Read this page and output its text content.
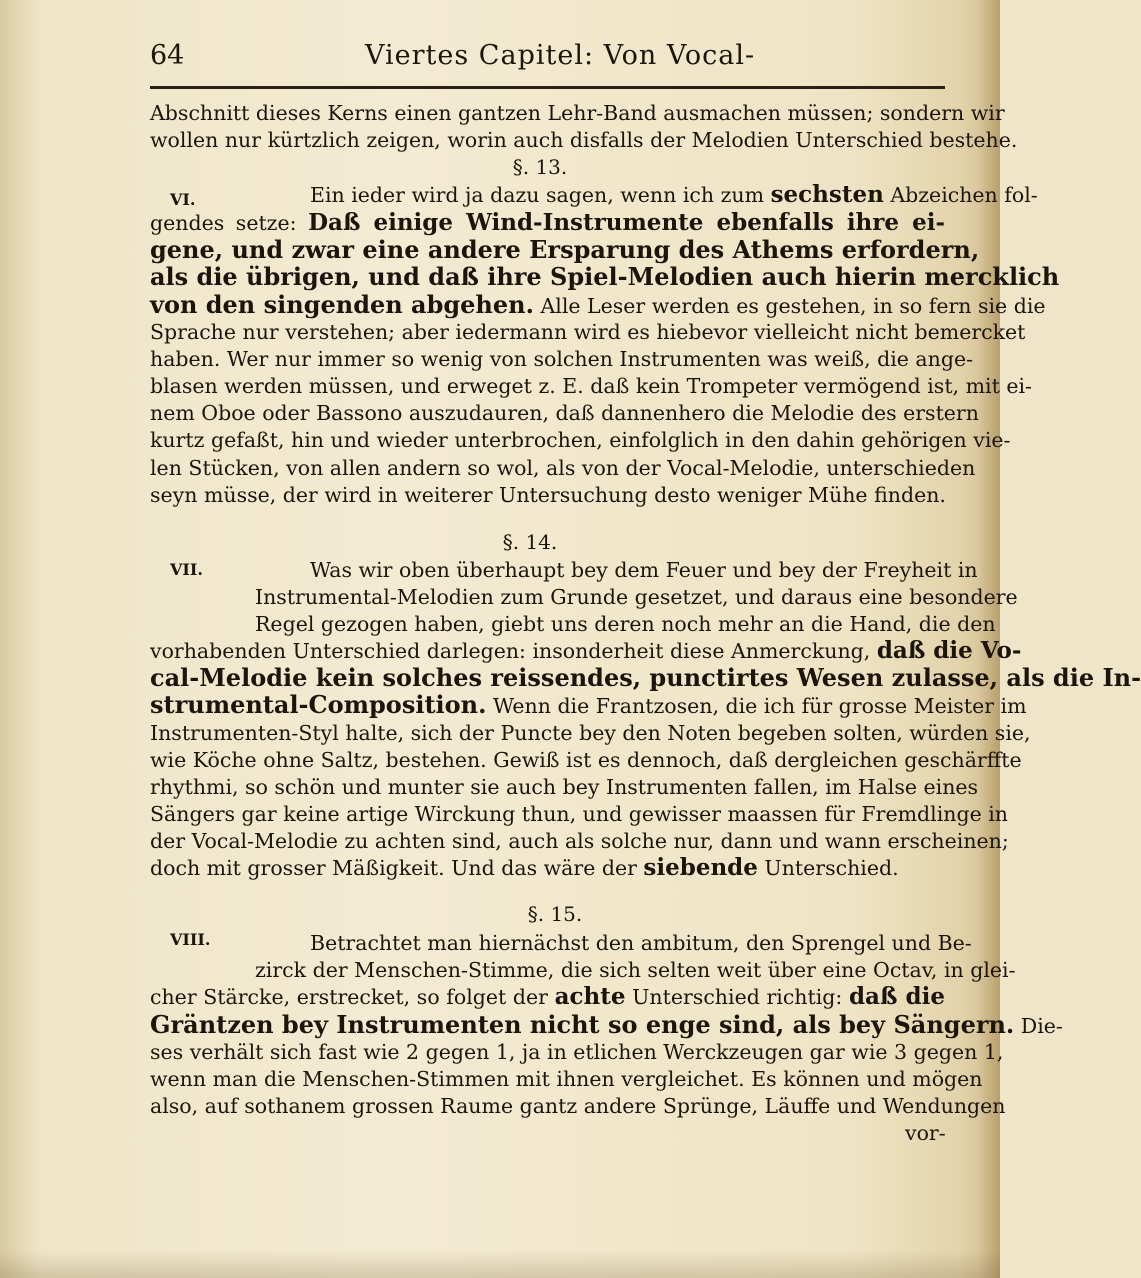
64	Viertes Capitel: Von Vocal-
§. 13.
§. 14.
§. 15.
VI.
VII.
VIII.
Abschnitt dieses Kerns einen gantzen Lehr-Band ausmachen müssen; sondern wir
wollen nur kürtzlich zeigen, worin auch disfalls der Melodien Unterschied bestehe.
Ein ieder wird ja dazu sagen, wenn ich zum sechsten Abzeichen fol-
gendes setze: Daß einige Wind-Instrumente ebenfalls ihre ei-
gene, und zwar eine andere Ersparung des Athems erfordern,
als die übrigen, und daß ihre Spiel-Melodien auch hierin mercklich
von den singenden abgehen. Alle Leser werden es gestehen, in so fern sie die
Sprache nur verstehen; aber iedermann wird es hiebevor vielleicht nicht bemercket
haben. Wer nur immer so wenig von solchen Instrumenten was weiß, die ange-
blasen werden müssen, und erweget z. E. daß kein Trompeter vermögend ist, mit ei-
nem Oboe oder Bassono auszudauren, daß dannenhero die Melodie des erstern
kurtz gefaßt, hin und wieder unterbrochen, einfolglich in den dahin gehörigen vie-
len Stücken, von allen andern so wol, als von der Vocal-Melodie, unterschieden
seyn müsse, der wird in weiterer Untersuchung desto weniger Mühe finden.
Was wir oben überhaupt bey dem Feuer und bey der Freyheit in
Instrumental-Melodien zum Grunde gesetzet, und daraus eine besondere
Regel gezogen haben, giebt uns deren noch mehr an die Hand, die den
vorhabenden Unterschied darlegen: insonderheit diese Anmerckung, daß die Vo-
cal-Melodie kein solches reissendes, punctirtes Wesen zulasse, als die In-
strumental-Composition. Wenn die Frantzosen, die ich für grosse Meister im
Instrumenten-Styl halte, sich der Puncte bey den Noten begeben solten, würden sie,
wie Köche ohne Saltz, bestehen. Gewiß ist es dennoch, daß dergleichen geschärffte
rhythmi, so schön und munter sie auch bey Instrumenten fallen, im Halse eines
Sängers gar keine artige Wirckung thun, und gewisser maassen für Fremdlinge in
der Vocal-Melodie zu achten sind, auch als solche nur, dann und wann erscheinen;
doch mit grosser Mäßigkeit. Und das wäre der siebende Unterschied.
Betrachtet man hiernächst den ambitum, den Sprengel und Be-
zirck der Menschen-Stimme, die sich selten weit über eine Octav, in glei-
cher Stärcke, erstrecket, so folget der achte Unterschied richtig: daß die
Gräntzen bey Instrumenten nicht so enge sind, als bey Sängern. Die-
ses verhält sich fast wie 2 gegen 1, ja in etlichen Werckzeugen gar wie 3 gegen 1,
wenn man die Menschen-Stimmen mit ihnen vergleichet. Es können und mögen
also, auf sothanem grossen Raume gantz andere Sprünge, Läuffe und Wendungen
vor-
